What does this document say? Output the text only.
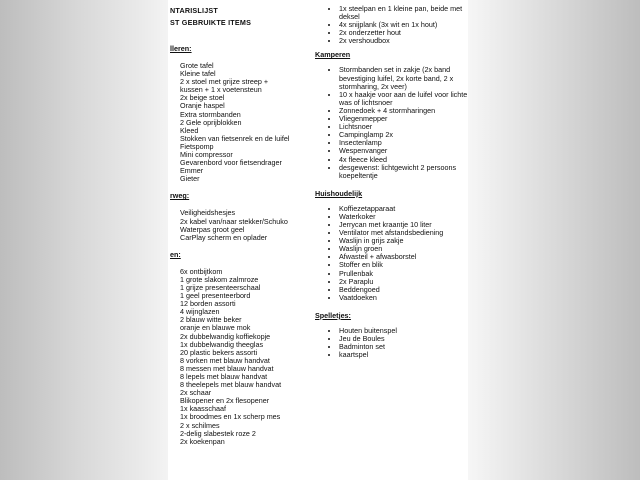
NTARISLIJST
ST GEBRUIKTE ITEMS
lleren:
Grote tafel
Kleine tafel
2 x stoel met grijze streep +
kussen + 1 x voetensteun
2x beige stoel
Oranje haspel
Extra stormbanden
2 Gele oprijblokken
Kleed
Stokken van fietsenrek en de luifel
Fietspomp
Mini compressor
Gevarenbord voor fietsendrager
Emmer
Gieter
rweg:
Veiligheidshesjes
2x kabel van/naar stekker/Schuko
Waterpas groot geel
CarPlay scherm en oplader
en:
6x ontbijtkom
1 grote slakom zalmroze
1 grijze presenteerschaal
1 geel presenteerbord
12 borden assorti
4 wijnglazen
2 blauw witte beker
oranje en blauwe mok
2x dubbelwandig koffiekopje
1x dubbelwandig theeglas
20 plastic bekers assorti
8 vorken met blauw handvat
8 messen met blauw handvat
8 lepels met blauw handvat
8 theelepels met blauw handvat
2x schaar
Blikopener en 2x flesopener
1x kaasschaaf
1x broodmes en 1x scherp mes
2 x schilmes
2-delig slabestek roze 2
2x koekenpan
• 1x steelpan en 1 kleine pan, beide met deksel
• 4x snijplank (3x wit en 1x hout)
• 2x onderzetter hout
• 2x vershoudbox
Kamperen
• Stormbanden set in zakje (2x band bevestiging luifel, 2x korte band, 2 x stormharing, 2x veer)
• 10 x haakje voor aan de luifel voor lichte was of lichtsnoer
• Zonnedoek + 4 stormharingen
• Vliegenmepper
• Lichtsnoer
• Campinglamp 2x
• Insectenlamp
• Wespenvanger
• 4x fleece kleed
• desgewenst: lichtgewicht 2 persoons koepeltentje
Huishoudelijk
• Koffiezetapparaat
• Waterkoker
• Jerrycan met kraantje 10 liter
• Ventilator met afstandsbediening
• Waslijn in grijs zakje
• Waslijn groen
• Afwasteil + afwasborstel
• Stoffer en blik
• Prullenbak
• 2x Paraplu
• Beddengoed
• Vaatdoeken
Spelletjes:
• Houten buitenspel
• Jeu de Boules
• Badminton set
• kaartspel
